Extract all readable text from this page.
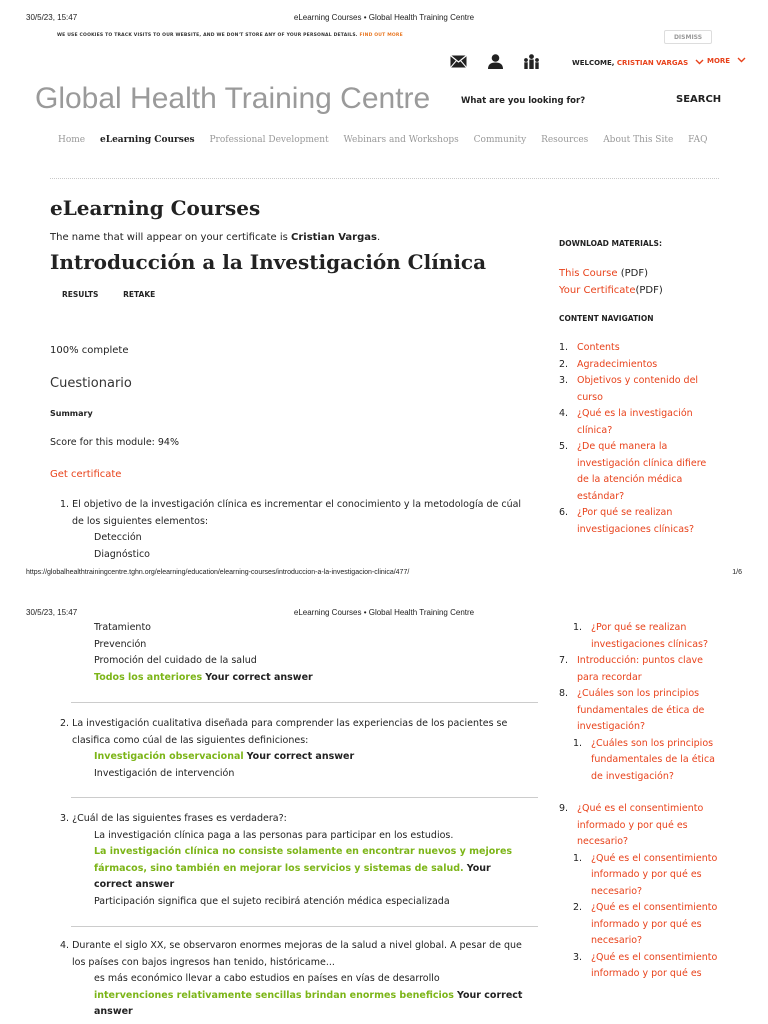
30/5/23, 15:47	eLearning Courses • Global Health Training Centre
WE USE COOKIES TO TRACK VISITS TO OUR WEBSITE, AND WE DON'T STORE ANY OF YOUR PERSONAL DETAILS. FIND OUT MORE	DISMISS
WELCOME, CRISTIAN VARGAS	MORE
Global Health Training Centre	What are you looking for?	SEARCH
Home eLearning Courses Professional Development Webinars and Workshops Community Resources About This Site FAQ
eLearning Courses
The name that will appear on your certificate is Cristian Vargas.
Introducción a la Investigación Clínica
RESULTS	RETAKE
100% complete
Cuestionario
Summary
Score for this module: 94%
Get certificate
1. El objetivo de la investigación clínica es incrementar el conocimiento y la metodología de cúal de los siguientes elementos:
Detección
Diagnóstico
https://globalhealthtrainingcentre.tghn.org/elearning/education/elearning-courses/introduccion-a-la-investigacion-clinica/477/	1/6
DOWNLOAD MATERIALS:
This Course (PDF)
Your Certificate(PDF)
CONTENT NAVIGATION
1. Contents
2. Agradecimientos
3. Objetivos y contenido del curso
4. ¿Qué es la investigación clínica?
5. ¿De qué manera la investigación clínica difiere de la atención médica estándar?
6. ¿Por qué se realizan investigaciones clínicas?
30/5/23, 15:47	eLearning Courses • Global Health Training Centre
Tratamiento
Prevención
Promoción del cuidado de la salud
Todos los anteriores Your correct answer
2. La investigación cualitativa diseñada para comprender las experiencias de los pacientes se clasifica como cúal de las siguientes definiciones:
Investigación observacional Your correct answer
Investigación de intervención
3. ¿Cuál de las siguientes frases es verdadera?:
La investigación clínica paga a las personas para participar en los estudios.
La investigación clínica no consiste solamente en encontrar nuevos y mejores fármacos, sino también en mejorar los servicios y sistemas de salud. Your correct answer
Participación significa que el sujeto recibirá atención médica especializada
4. Durante el siglo XX, se observaron enormes mejoras de la salud a nivel global. A pesar de que los países con bajos ingresos han tenido, históricame...
es más económico llevar a cabo estudios en países en vías de desarrollo
intervenciones relativamente sencillas brindan enormes beneficios Your correct answer
1. ¿Por qué se realizan investigaciones clínicas?
7. Introducción: puntos clave para recordar
8. ¿Cuáles son los principios fundamentales de ética de investigación?
1. ¿Cuáles son los principios fundamentales de la ética de investigación?
9. ¿Qué es el consentimiento informado y por qué es necesario?
1. ¿Qué es el consentimiento informado y por qué es necesario?
2. ¿Qué es el consentimiento informado y por qué es necesario?
3. ¿Qué es el consentimiento informado y por qué es
